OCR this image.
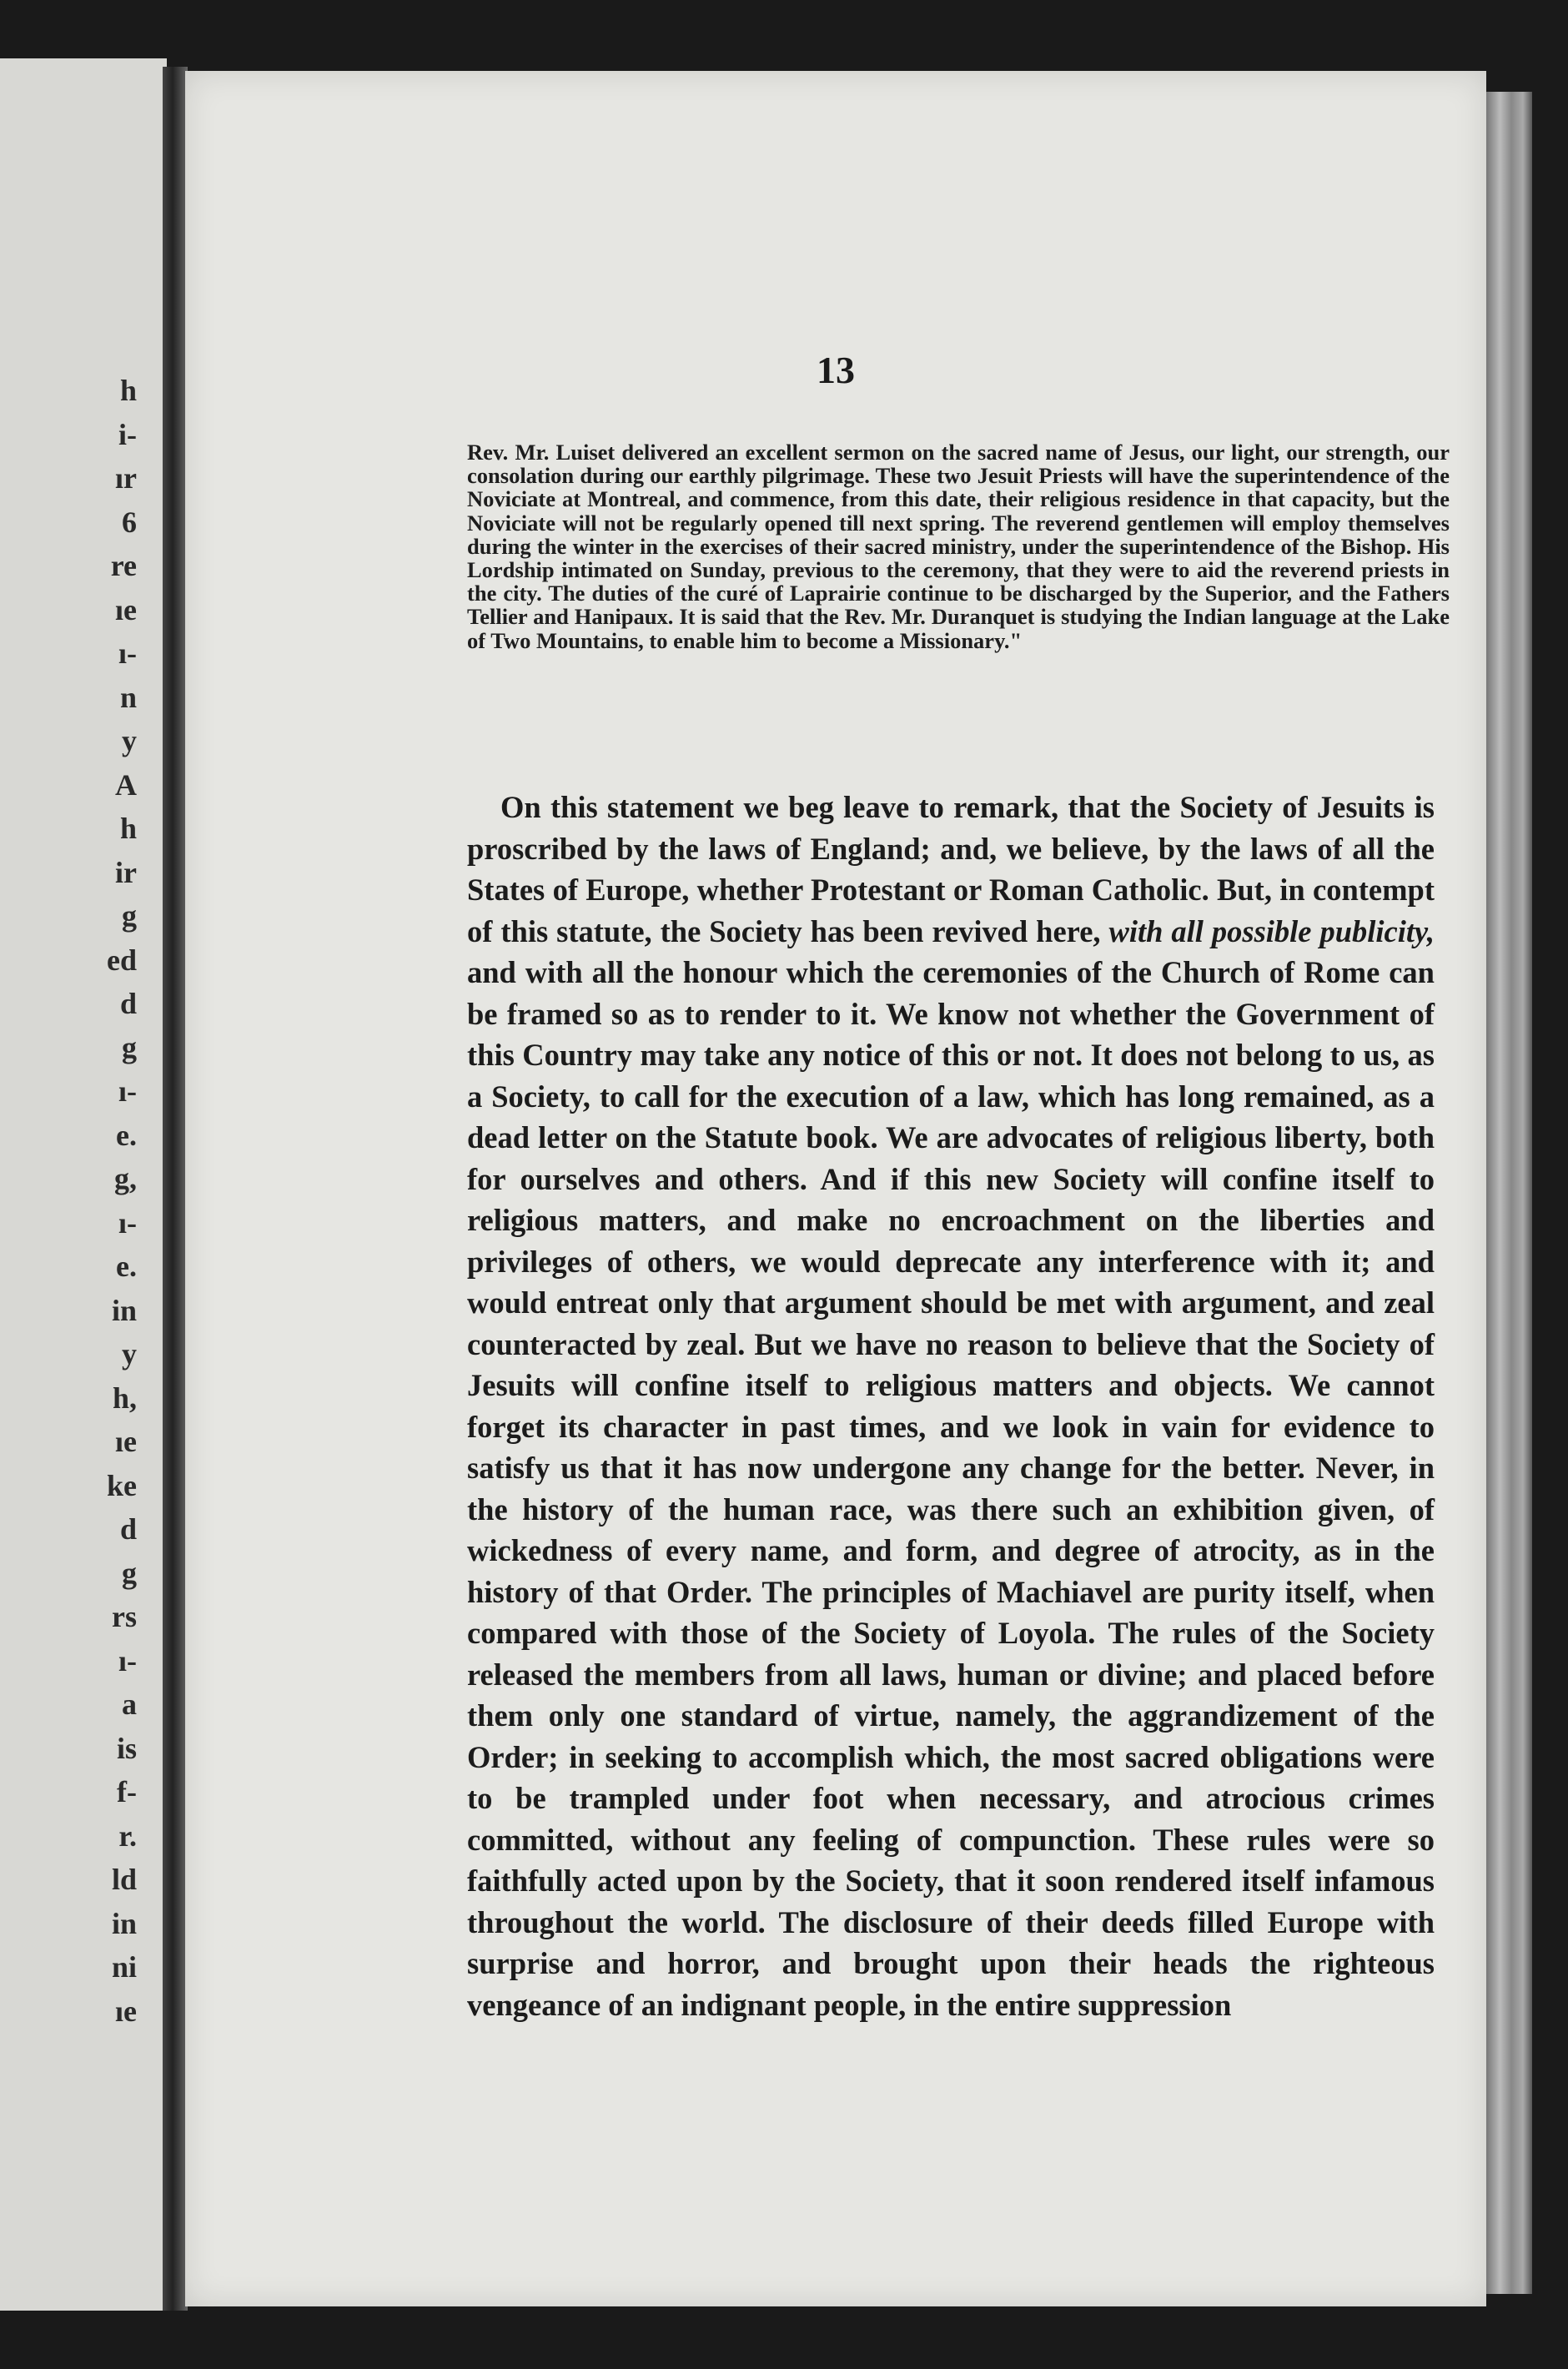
h
i-
ır
6
re
ıe
ı-
n
y
A
h
ir
g
ed
d
g
ı-
e.
g,
ı-
e.
in
y
h,
ıe
ke
d
g
rs
ı-
a
is
f-
r.
ld
in
ni
ıe
13

Rev. Mr. Luiset delivered an excellent sermon on the sacred name of Jesus, our light, our strength, our consolation during our earthly pilgrimage. These two Jesuit Priests will have the superintendence of the Noviciate at Montreal, and commence, from this date, their religious residence in that capacity, but the Noviciate will not be regularly opened till next spring. The reverend gentlemen will employ themselves during the winter in the exercises of their sacred ministry, under the superintendence of the Bishop. His Lordship intimated on Sunday, previous to the ceremony, that they were to aid the reverend priests in the city. The duties of the curé of Laprairie continue to be discharged by the Superior, and the Fathers Tellier and Hanipaux. It is said that the Rev. Mr. Duranquet is studying the Indian language at the Lake of Two Mountains, to enable him to become a Missionary."

On this statement we beg leave to remark, that the Society of Jesuits is proscribed by the laws of England; and, we believe, by the laws of all the States of Europe, whether Protestant or Roman Catholic. But, in contempt of this statute, the Society has been revived here, with all possible publicity, and with all the honour which the ceremonies of the Church of Rome can be framed so as to render to it. We know not whether the Government of this Country may take any notice of this or not. It does not belong to us, as a Society, to call for the execution of a law, which has long remained, as a dead letter on the Statute book. We are advocates of religious liberty, both for ourselves and others. And if this new Society will confine itself to religious matters, and make no encroachment on the liberties and privileges of others, we would deprecate any interference with it; and would entreat only that argument should be met with argument, and zeal counteracted by zeal. But we have no reason to believe that the Society of Jesuits will confine itself to religious matters and objects. We cannot forget its character in past times, and we look in vain for evidence to satisfy us that it has now undergone any change for the better. Never, in the history of the human race, was there such an exhibition given, of wickedness of every name, and form, and degree of atrocity, as in the history of that Order. The principles of Machiavel are purity itself, when compared with those of the Society of Loyola. The rules of the Society released the members from all laws, human or divine; and placed before them only one standard of virtue, namely, the aggrandizement of the Order; in seeking to accomplish which, the most sacred obligations were to be trampled under foot when necessary, and atrocious crimes committed, without any feeling of compunction. These rules were so faithfully acted upon by the Society, that it soon rendered itself infamous throughout the world. The disclosure of their deeds filled Europe with surprise and horror, and brought upon their heads the righteous vengeance of an indignant people, in the entire suppression
